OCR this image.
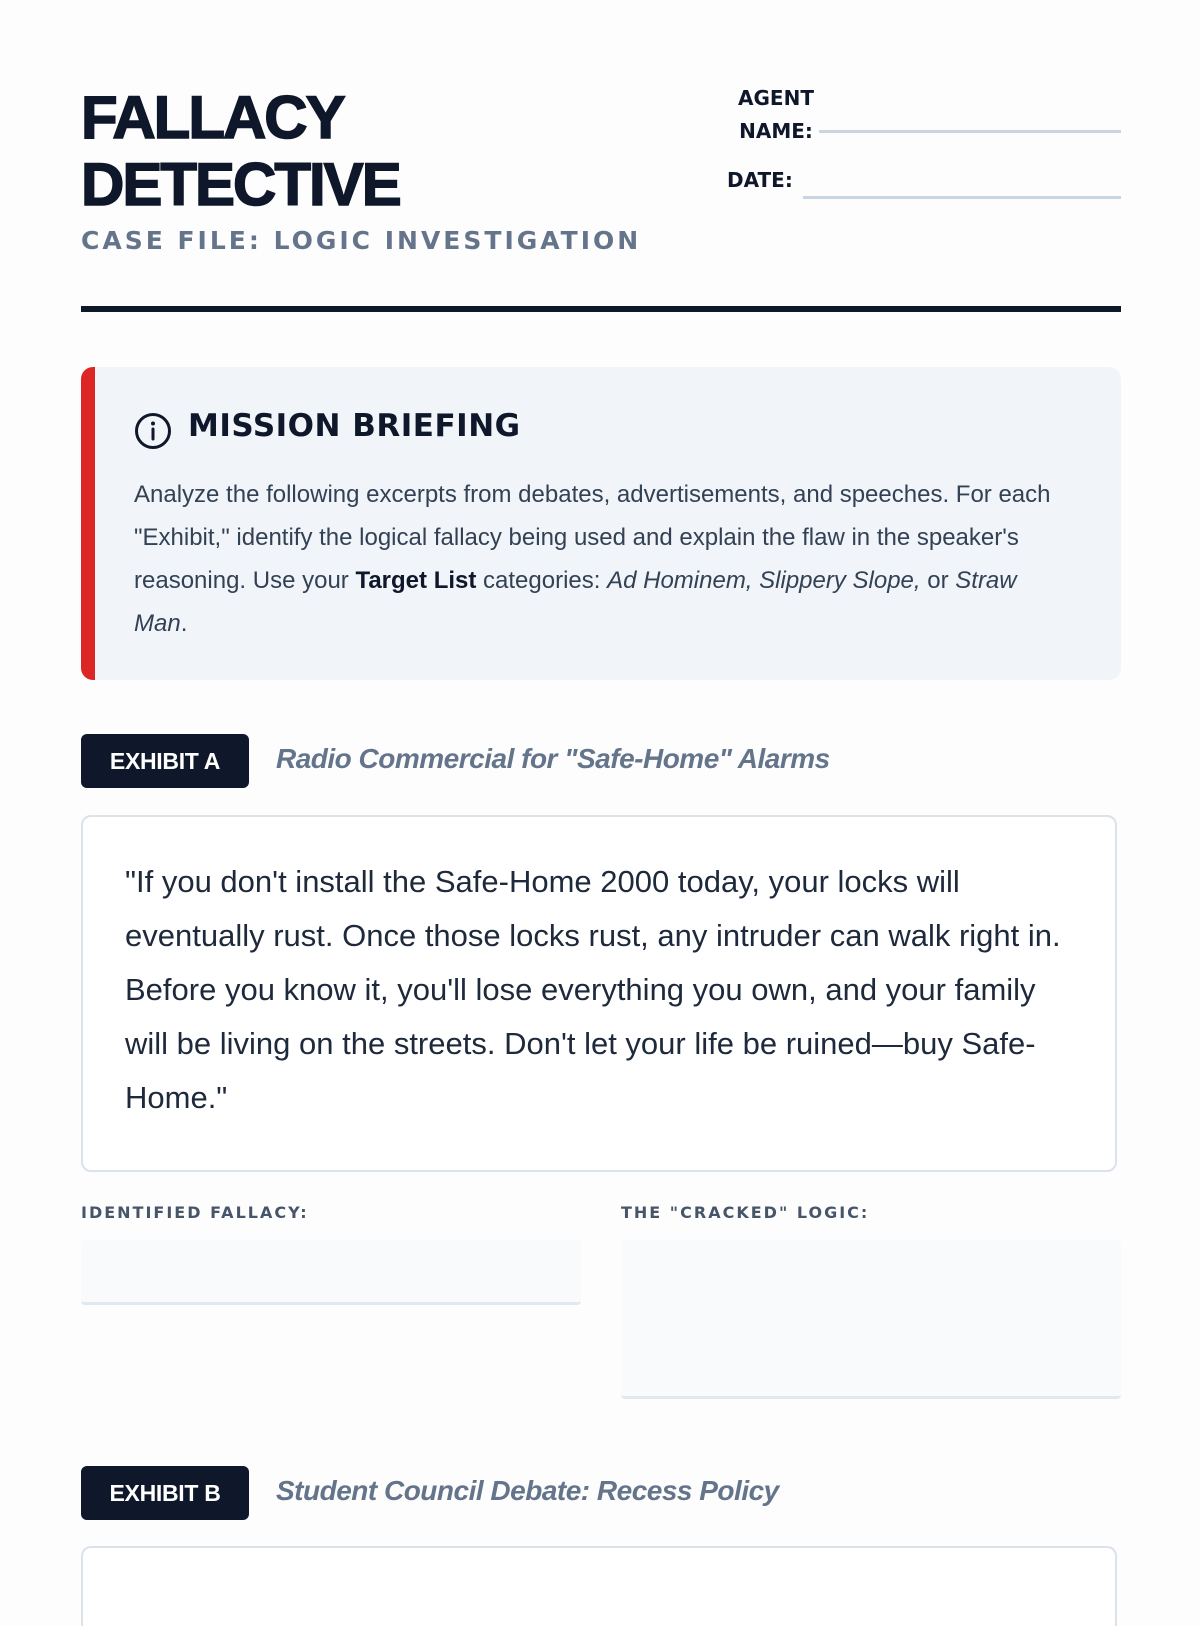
FALLACY
DETECTIVE
CASE FILE: LOGIC INVESTIGATION
AGENT
NAME:
DATE:
MISSION BRIEFING
Analyze the following excerpts from debates, advertisements, and speeches. For each "Exhibit," identify the logical fallacy being used and explain the flaw in the speaker's reasoning. Use your Target List categories: Ad Hominem, Slippery Slope, or Straw Man.
EXHIBIT A	Radio Commercial for "Safe-Home" Alarms
"If you don't install the Safe-Home 2000 today, your locks will eventually rust. Once those locks rust, any intruder can walk right in. Before you know it, you'll lose everything you own, and your family will be living on the streets. Don't let your life be ruined—buy Safe-Home."
IDENTIFIED FALLACY:	THE "CRACKED" LOGIC:
EXHIBIT B	Student Council Debate: Recess Policy
